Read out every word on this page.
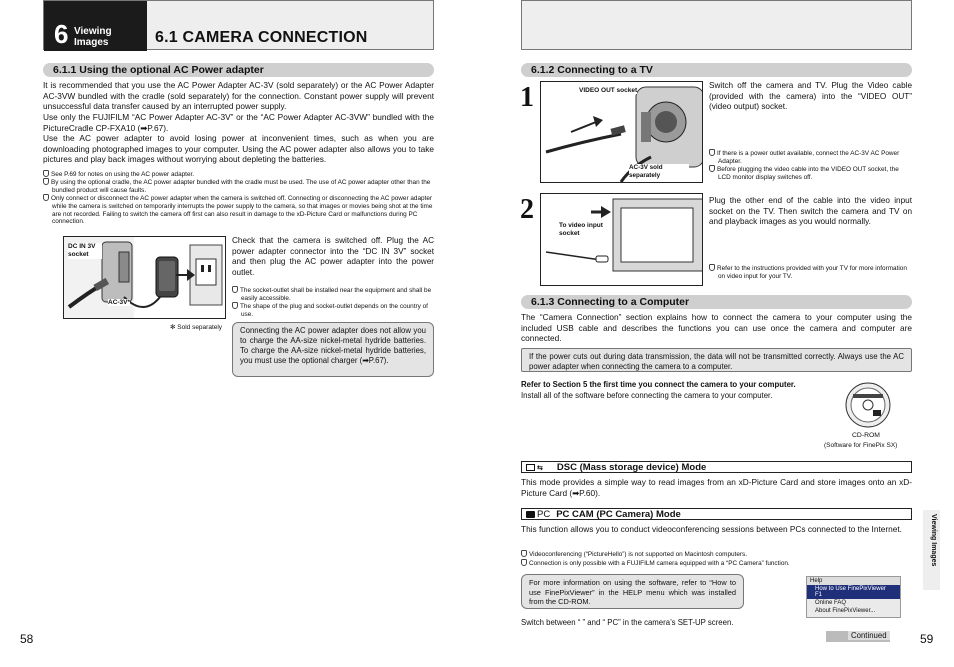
6 Viewing Images	6.1 CAMERA CONNECTION
6.1.1 Using the optional AC Power adapter
It is recommended that you use the AC Power Adapter AC-3V (sold separately) or the AC Power Adapter AC-3VW bundled with the cradle (sold separately) for the connection. Constant power supply will prevent unsuccessful data transfer caused by an interrupted power supply.
Use only the FUJIFILM “AC Power Adapter AC-3V” or the “AC Power Adapter AC-3VW” bundled with the PictureCradle CP-FXA10 (➡P.67).
Use the AC power adapter to avoid losing power at inconvenient times, such as when you are downloading photographed images to your computer. Using the AC power adapter also allows you to take pictures and play back images without worrying about depleting the batteries.
See P.69 for notes on using the AC power adapter.
By using the optional cradle, the AC power adapter bundled with the cradle must be used. The use of AC power adapter other than the bundled product will cause faults.
Only connect or disconnect the AC power adapter when the camera is switched off. Connecting or disconnecting the AC power adapter while the camera is switched on temporarily interrupts the power supply to the camera, so that images or movies being shot at the time are not recorded. Failing to switch the camera off first can also result in damage to the xD-Picture Card or malfunctions during PC connection.
DC IN 3V socket
AC-3V*
✻ Sold separately
Check that the camera is switched off. Plug the AC power adapter connector into the “DC IN 3V” socket and then plug the AC power adapter into the power outlet.
The socket-outlet shall be installed near the equipment and shall be easily accessible.
The shape of the plug and socket-outlet depends on the country of use.
Connecting the AC power adapter does not allow you to charge the AA-size nickel-metal hydride batteries. To charge the AA-size nickel-metal hydride batteries, you must use the optional charger (➡P.67).
58
6.1.2 Connecting to a TV
1	VIDEO OUT socket
AC-3V sold separately
Switch off the camera and TV. Plug the Video cable (provided with the camera) into the “VIDEO OUT” (video output) socket.
If there is a power outlet available, connect the AC-3V AC Power Adapter.
Before plugging the video cable into the VIDEO OUT socket, the LCD monitor display switches off.
2
To video input socket
Plug the other end of the cable into the video input socket on the TV. Then switch the camera and TV on and playback images as you would normally.
Refer to the instructions provided with your TV for more information on video input for your TV.
6.1.3 Connecting to a Computer
The “Camera Connection” section explains how to connect the camera to your computer using the included USB cable and describes the functions you can use once the camera and computer are connected.
If the power cuts out during data transmission, the data will not be transmitted correctly. Always use the AC power adapter when connecting the camera to a computer.
Refer to Section 5 the first time you connect the camera to your computer.
Install all of the software before connecting the camera to your computer.
CD-ROM
(Software for FinePix SX)
⇆ DSC (Mass storage device) Mode
This mode provides a simple way to read images from an xD-Picture Card and store images onto an xD-Picture Card (➡P.60).
PC PC CAM (PC Camera) Mode
This function allows you to conduct videoconferencing sessions between PCs connected to the Internet.
Videoconferencing (“PictureHello”) is not supported on Macintosh computers.
Connection is only possible with a FUJIFILM camera equipped with a “PC Camera” function.
For more information on using the software, refer to “How to use FinePixViewer” in the HELP menu which was installed from the CD-ROM.
Help
How to Use FinePixViewer F1
Online FAQ
About FinePixViewer...
Switch between “ ” and “ PC” in the camera’s SET-UP screen.
Continued
Viewing Images
59
